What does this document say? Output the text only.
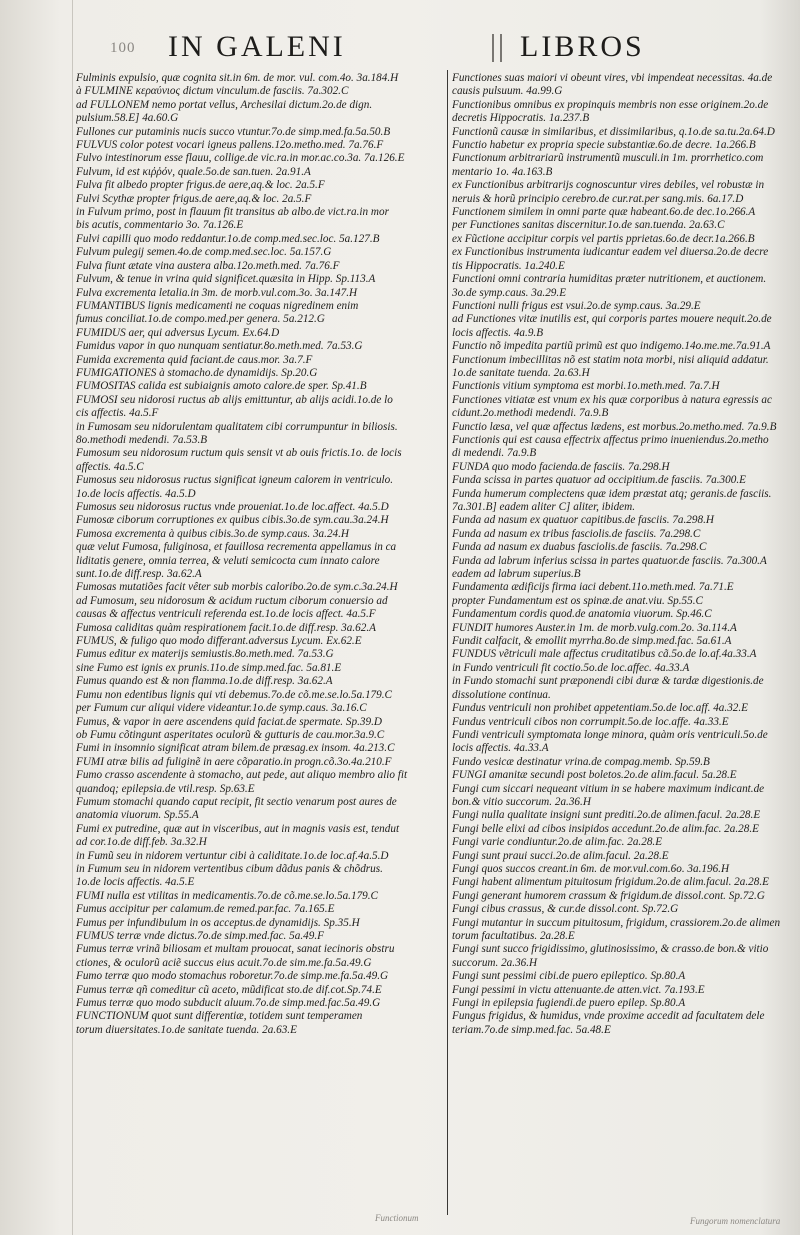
100 IN GALENI	LIBROS

Fulminis expulsio, quæ cognita sit.in 6m. de mor. vul. com.4o. 3a.184.H

à FULMINE κεραύνιος dictum vinculum.de fasciis. 7a.302.C

ad FULLONEM nemo portat vellus, Archesilai dictum.2o.de dign.

pulsium.58.E] 4a.60.G

Fullones cur putaminis nucis succo vtuntur.7o.de simp.med.fa.5a.50.B

FULVUS color potest vocari igneus pallens.12o.metho.med. 7a.76.F

Fulvo intestinorum esse flauu, collige.de vic.ra.in mor.ac.co.3a. 7a.126.E

Fulvum, id est κιῤῥόν, quale.5o.de san.tuen. 2a.91.A

Fulva fit albedo propter frigus.de aere,aq.& loc. 2a.5.F

Fulvi Scythæ propter frigus.de aere,aq.& loc. 2a.5.F

in Fulvum primo, post in flauum fit transitus ab albo.de vict.ra.in mor

bis acutis, commentario 3o. 7a.126.E

Fulvi capilli quo modo reddantur.1o.de comp.med.sec.loc. 5a.127.B

Fulvum pulegij semen.4o.de comp.med.sec.loc. 5a.157.G

Fulva fiunt ætate vina austera alba.12o.meth.med. 7a.76.F

Fulvum, & tenue in vrina quid significet.quæsita in Hipp. Sp.113.A

Fulva excrementa letalia.in 3m. de morb.vul.com.3o. 3a.147.H

FUMANTIBUS lignis medicamenti ne coquas nigredinem enim

fumus conciliat.1o.de compo.med.per genera. 5a.212.G

FUMIDUS aer, qui adversus Lycum. Ex.64.D

Fumidus vapor in quo nunquam sentiatur.8o.meth.med. 7a.53.G

Fumida excrementa quid faciant.de caus.mor. 3a.7.F

FUMIGATIONES à stomacho.de dynamidijs. Sp.20.G

FUMOSITAS calida est subiaignis amoto calore.de sper. Sp.41.B

FUMOSI seu nidorosi ructus ab alijs emittuntur, ab alijs acidi.1o.de lo

cis affectis. 4a.5.F

in Fumosam seu nidorulentam qualitatem cibi corrumpuntur in biliosis.

8o.methodi medendi. 7a.53.B

Fumosum seu nidorosum ructum quis sensit vt ab ouis frictis.1o. de locis

affectis. 4a.5.C

Fumosus seu nidorosus ructus significat igneum calorem in ventriculo.

1o.de locis affectis. 4a.5.D

Fumosus seu nidorosus ructus vnde proueniat.1o.de loc.affect. 4a.5.D

Fumosæ ciborum corruptiones ex quibus cibis.3o.de sym.cau.3a.24.H

Fumosa excrementa à quibus cibis.3o.de symp.caus. 3a.24.H

quæ velut Fumosa, fuliginosa, et fauillosa recrementa appellamus in ca

liditatis genere, omnia terrea, & veluti semicocta cum innato calore

sunt.1o.de diff.resp. 3a.62.A

Fumosas mutatiões facit vêter sub morbis caloribo.2o.de sym.c.3a.24.H

ad Fumosum, seu nidorosum & acidum ructum ciborum conuersio ad

causas & affectus ventriculi referenda est.1o.de locis affect. 4a.5.F

Fumosa caliditas quàm respirationem facit.1o.de diff.resp. 3a.62.A

FUMUS, & fuligo quo modo differant.adversus Lycum. Ex.62.E

Fumus editur ex materijs semiustis.8o.meth.med. 7a.53.G

sine Fumo est ignis ex prunis.11o.de simp.med.fac. 5a.81.E

Fumus quando est & non flamma.1o.de diff.resp. 3a.62.A

Fumu non edentibus lignis qui vti debemus.7o.de cõ.me.se.lo.5a.179.C

per Fumum cur aliqui videre videantur.1o.de symp.caus. 3a.16.C

Fumus, & vapor in aere ascendens quid faciat.de spermate. Sp.39.D

ob Fumu cõtingunt asperitates oculorũ & gutturis de cau.mor.3a.9.C

Fumi in insomnio significat atram bilem.de præsag.ex insom. 4a.213.C

FUMI atræ bilis ad fuliginẽ in aere cõparatio.in progn.cõ.3o.4a.210.F

Fumo crasso ascendente à stomacho, aut pede, aut aliquo membro alio fit

quandoq; epilepsia.de vtil.resp. Sp.63.E

Fumum stomachi quando caput recipit, fit sectio venarum post aures de

anatomia viuorum. Sp.55.A

Fumi ex putredine, quæ aut in visceribus, aut in magnis vasis est, tendut

ad cor.1o.de diff.feb. 3a.32.H

in Fumũ seu in nidorem vertuntur cibi à caliditate.1o.de loc.af.4a.5.D

in Fumum seu in nidorem vertentibus cibum dãdus panis & chõdrus.

1o.de locis affectis. 4a.5.E

FUMI nulla est vtilitas in medicamentis.7o.de cõ.me.se.lo.5a.179.C

Fumus accipitur per calamum.de remed.par.fac. 7a.165.E

Fumus per infundibulum in os acceptus.de dynamidijs. Sp.35.H

FUMUS terræ vnde dictus.7o.de simp.med.fac. 5a.49.F

Fumus terræ vrinã biliosam et multam prouocat, sanat iecinoris obstru

ctiones, & oculorũ aciẽ succus eius acuit.7o.de sim.me.fa.5a.49.G

Fumo terræ quo modo stomachus roboretur.7o.de simp.me.fa.5a.49.G

Fumus terræ qñ comeditur cũ aceto, mũdificat sto.de dif.cot.Sp.74.E

Fumus terræ quo modo subducit aluum.7o.de simp.med.fac.5a.49.G

FUNCTIONUM quot sunt differentiæ, totidem sunt temperamen

torum diuersitates.1o.de sanitate tuenda. 2a.63.E

Functiones suas maiori vi obeunt vires, vbi impendeat necessitas. 4a.de

causis pulsuum. 4a.99.G

Functionibus omnibus ex propinquis membris non esse originem.2o.de

decretis Hippocratis. 1a.237.B

Functionũ causæ in similaribus, et dissimilaribus, q.1o.de sa.tu.2a.64.D

Functio habetur ex propria specie substantiæ.6o.de decre. 1a.266.B

Functionum arbitrariarũ instrumentũ musculi.in 1m. prorrhetico.com

mentario 1o. 4a.163.B

ex Functionibus arbitrarijs cognoscuntur vires debiles, vel robustæ in

neruis & horũ principio cerebro.de cur.rat.per sang.mis. 6a.17.D

Functionem similem in omni parte quæ habeant.6o.de dec.1o.266.A

per Functiones sanitas discernitur.1o.de san.tuenda. 2a.63.C

ex Fũctione accipitur corpis vel partis pprietas.6o.de decr.1a.266.B

ex Functionibus instrumenta iudicantur eadem vel diuersa.2o.de decre

tis Hippocratis. 1a.240.E

Functioni omni contraria humiditas præter nutritionem, et auctionem.

3o.de symp.caus. 3a.29.E

Functioni nulli frigus est vsui.2o.de symp.caus. 3a.29.E

ad Functiones vitæ inutilis est, qui corporis partes mouere nequit.2o.de

locis affectis. 4a.9.B

Functio nõ impedita partiũ primũ est quo indigemo.14o.me.me.7a.91.A

Functionum imbecillitas nõ est statim nota morbi, nisi aliquid addatur.

1o.de sanitate tuenda. 2a.63.H

Functionis vitium symptoma est morbi.1o.meth.med. 7a.7.H

Functiones vitiatæ est vnum ex his quæ corporibus à natura egressis ac

cidunt.2o.methodi medendi. 7a.9.B

Functio læsa, vel quæ affectus lædens, est morbus.2o.metho.med. 7a.9.B

Functionis qui est causa effectrix affectus primo inueniendus.2o.metho

di medendi. 7a.9.B

FUNDA quo modo facienda.de fasciis. 7a.298.H

Funda scissa in partes quatuor ad occipitium.de fasciis. 7a.300.E

Funda humerum complectens quæ idem præstat atq; geranis.de fasciis.

7a.301.B] eadem aliter C] aliter, ibidem.

Funda ad nasum ex quatuor capitibus.de fasciis. 7a.298.H

Funda ad nasum ex tribus fasciolis.de fasciis. 7a.298.C

Funda ad nasum ex duabus fasciolis.de fasciis. 7a.298.C

Funda ad labrum inferius scissa in partes quatuor.de fasciis. 7a.300.A

eadem ad labrum superius.B

Fundamenta ædificijs firma iaci debent.11o.meth.med. 7a.71.E

propter Fundamentum est os spinæ.de anat.viu. Sp.55.C

Fundamentum cordis quod.de anatomia viuorum. Sp.46.C

FUNDIT humores Auster.in 1m. de morb.vulg.com.2o. 3a.114.A

Fundit calfacit, & emollit myrrha.8o.de simp.med.fac. 5a.61.A

FUNDUS vẽtriculi male affectus cruditatibus cã.5o.de lo.af.4a.33.A

in Fundo ventriculi fit coctio.5o.de loc.affec. 4a.33.A

in Fundo stomachi sunt præponendi cibi duræ & tardæ digestionis.de

dissolutione continua.

Fundus ventriculi non prohibet appetentiam.5o.de loc.aff. 4a.32.E

Fundus ventriculi cibos non corrumpit.5o.de loc.affe. 4a.33.E

Fundi ventriculi symptomata longe minora, quàm oris ventriculi.5o.de

locis affectis. 4a.33.A

Fundo vesicæ destinatur vrina.de compag.memb. Sp.59.B

FUNGI amanitæ secundi post boletos.2o.de alim.facul. 5a.28.E

Fungi cum siccari nequeant vitium in se habere maximum indicant.de

bon.& vitio succorum. 2a.36.H

Fungi nulla qualitate insigni sunt prediti.2o.de alimen.facul. 2a.28.E

Fungi belle elixi ad cibos insipidos accedunt.2o.de alim.fac. 2a.28.E

Fungi varie condiuntur.2o.de alim.fac. 2a.28.E

Fungi sunt praui succi.2o.de alim.facul. 2a.28.E

Fungi quos succos creant.in 6m. de mor.vul.com.6o. 3a.196.H

Fungi habent alimentum pituitosum frigidum.2o.de alim.facul. 2a.28.E

Fungi generant humorem crassum & frigidum.de dissol.cont. Sp.72.G

Fungi cibus crassus, & cur.de dissol.cont. Sp.72.G

Fungi mutantur in succum pituitosum, frigidum, crassiorem.2o.de alimen

torum facultatibus. 2a.28.E

Fungi sunt succo frigidissimo, glutinosissimo, & crasso.de bon.& vitio

succorum. 2a.36.H

Fungi sunt pessimi cibi.de puero epileptico. Sp.80.A

Fungi pessimi in victu attenuante.de atten.vict. 7a.193.E

Fungi in epilepsia fugiendi.de puero epilep. Sp.80.A

Fungus frigidus, & humidus, vnde proxime accedit ad facultatem dele

teriam.7o.de simp.med.fac. 5a.48.E

Functionum	Fungorum nomenclatura
